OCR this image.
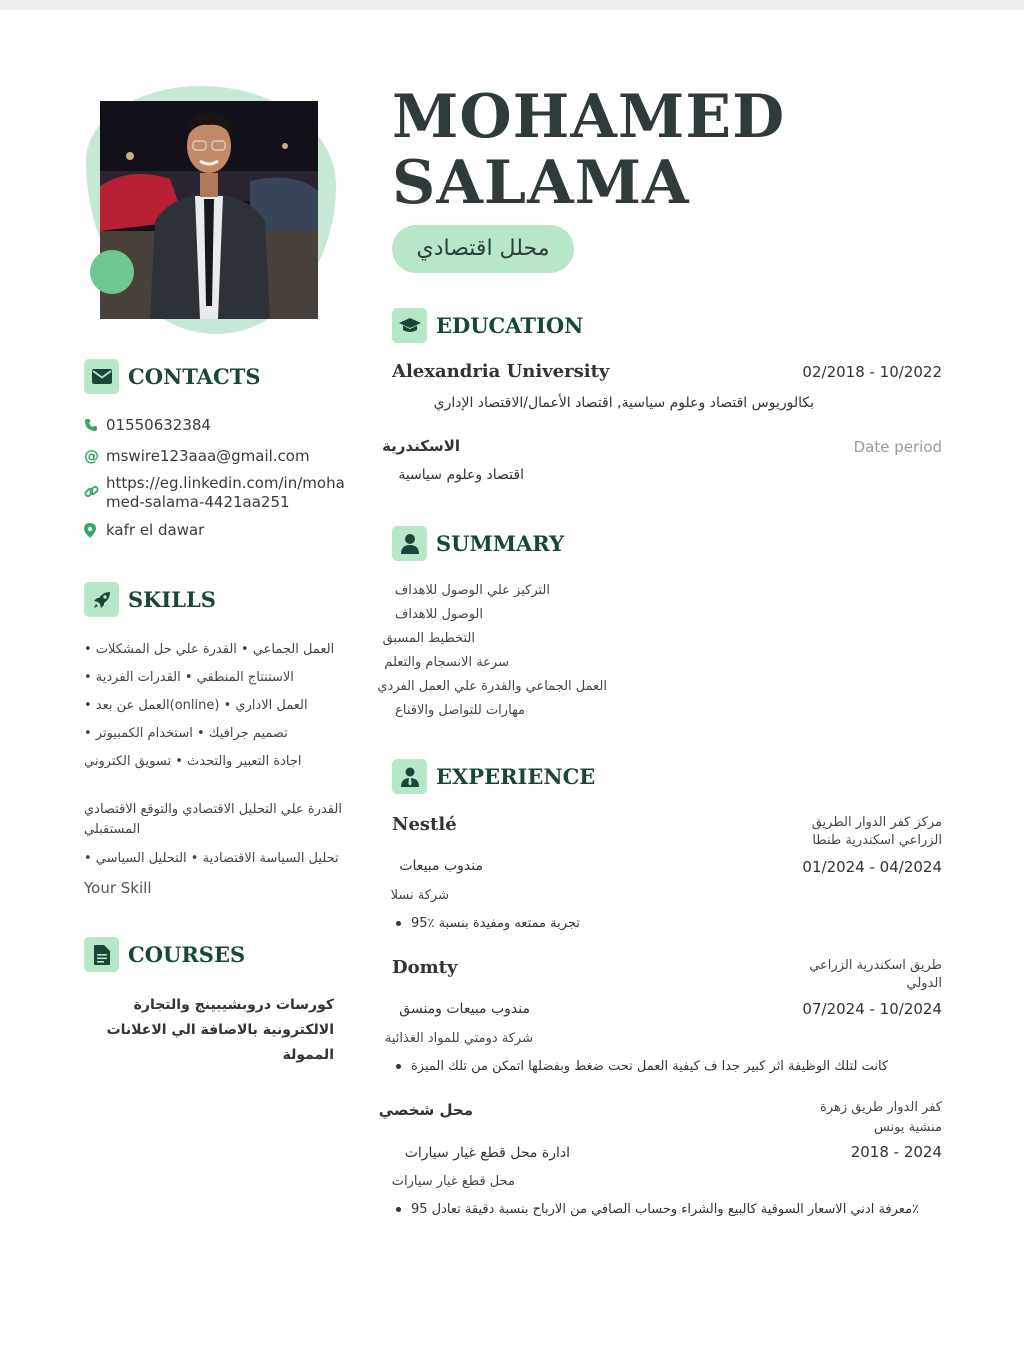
MOHAMED
SALAMA
محلل اقتصادي
CONTACTS
01550632384
@ mswire123aaa@gmail.com
https://eg.linkedin.com/in/moha
med-salama-4421aa251
kafr el dawar
SKILLS
العمل الجماعي • القدرة علي حل المشكلات •
الاستنتاج المنطقي • القدرات الفردية •
العمل الاداري • (online)العمل عن بعد •
تصميم جرافيك • استخدام الكمبيوتر •
اجادة التعبير والتحدث • تسويق الكتروني
القدرة علي التحليل الاقتصادي والتوقع الاقتصادي
المستقبلي
تحليل السياسة الاقتصادية • التحليل السياسي •
Your Skill
COURSES
كورسات دروبشيبينج والتجارة الالكترونية بالاضافة الي الاعلانات الممولة
EDUCATION
Alexandria University	02/2018 - 10/2022
بكالوريوس اقتصاد وعلوم سياسية, اقتصاد الأعمال/الاقتصاد الإداري
الاسكندرية	Date period
اقتصاد وعلوم سياسية
SUMMARY
التركيز علي الوصول للاهداف
الوصول للاهداف
التخطيط المسبق
سرعة الانسجام والتعلم
العمل الجماعي والقدرة علي العمل الفردي
مهارات للتواصل والاقناع
EXPERIENCE
Nestlé	مركز كفر الدوار الطريق
الزراعي اسكندرية طنطا
مندوب مبيعات	01/2024 - 04/2024
شركة نسلا
تجربة ممتعه ومفيدة بنسبة ٪95
Domty	طريق اسكندرية الزراعي
الدولي
مندوب مبيعات ومنسق	07/2024 - 10/2024
شركة دومتي للمواد الغذائية
كانت لتلك الوظيفة اثر كبير جدا ف كيفية العمل تحت ضغط وبفضلها اتمكن من تلك الميزة
محل شخصي	كفر الدوار طريق زهرة
منشية يونس
ادارة محل قطع غيار سيارات	2018 - 2024
محل قطع غيار سيارات
٪معرفة ادني الاسعار السوقية كالبيع والشراء وحساب الصافي من الارباح بنسبة دقيقة تعادل 95
